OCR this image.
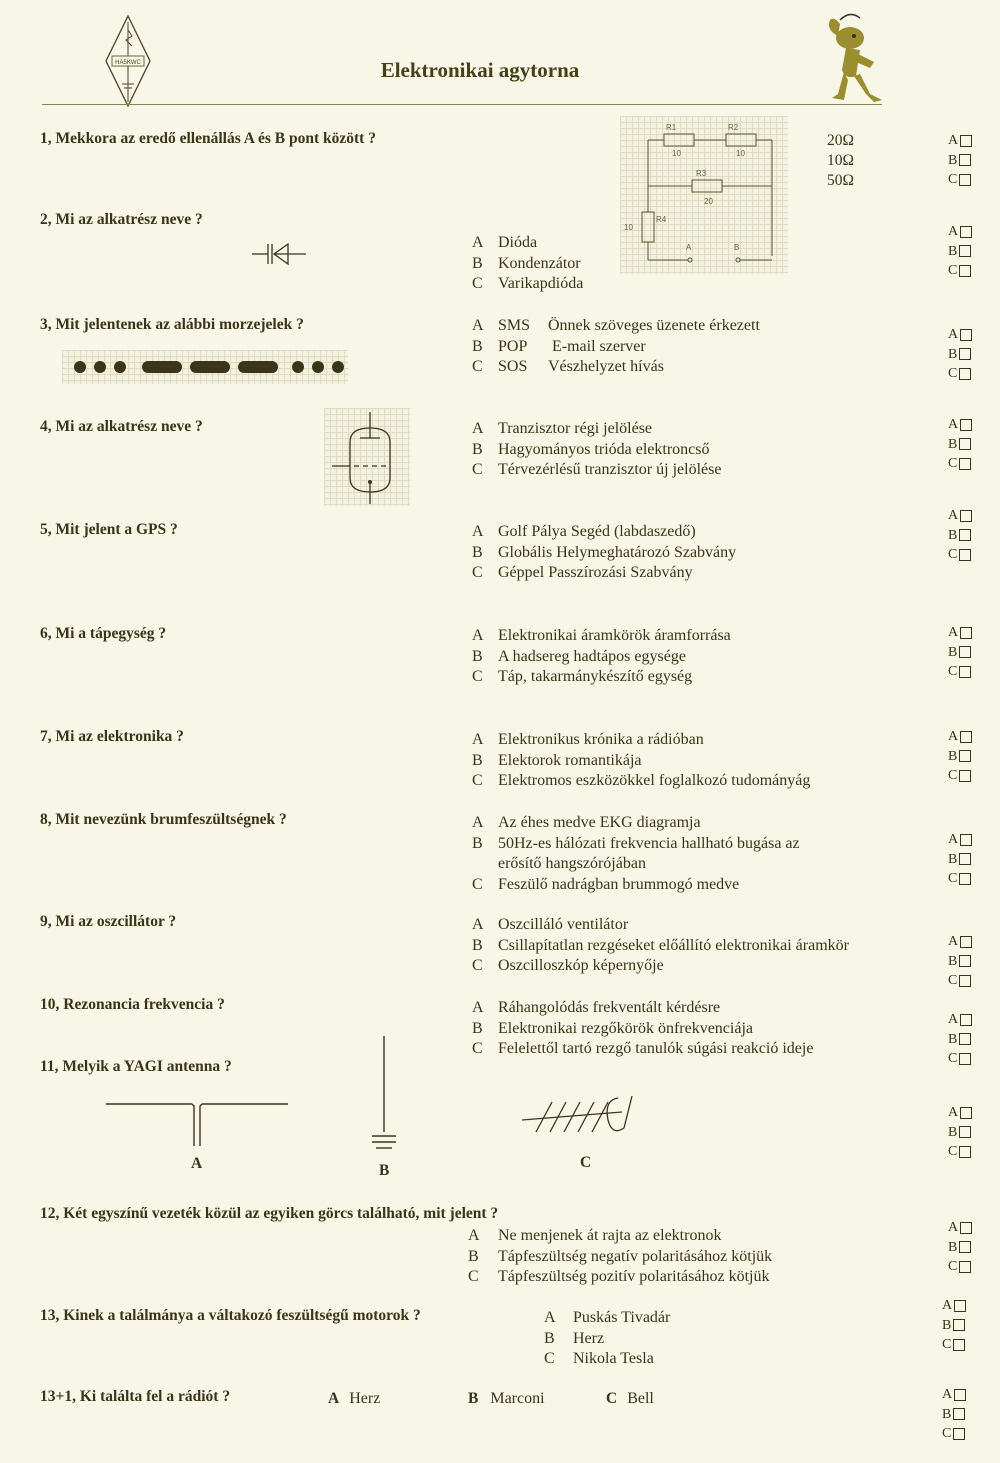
HA5KWC	Elektronikai agytorna
1, Mekkora az eredő ellenállás A és B pont között ?
R1
10
R2
10
R3
20
R4
10
A	B
20Ω
10Ω
50Ω
A
B
C
2, Mi az alkatrész neve ?
A Dióda
B Kondenzátor
C Varikapdióda
A
B
C
3, Mit jelentenek az alábbi morzejelek ?	A SMS Önnek szöveges üzenete érkezett
B POP E-mail szerver
C SOS Vészhelyzet hívás
A
B
C
4, Mi az alkatrész neve ?	A Tranzisztor régi jelölése
B Hagyományos trióda elektroncső
C Térvezérlésű tranzisztor új jelölése
A
B
C
5, Mit jelent a GPS ?	A Golf Pálya Segéd (labdaszedő)
B Globális Helymeghatározó Szabvány
C Géppel Passzírozási Szabvány
A
B
C
6, Mi a tápegység ?	A Elektronikai áramkörök áramforrása
B A hadsereg hadtápos egysége
C Táp, takarmánykészítő egység
A
B
C
7, Mi az elektronika ?	A Elektronikus krónika a rádióban
B Elektorok romantikája
C Elektromos eszközökkel foglalkozó tudományág
A
B
C
8, Mit nevezünk brumfeszültségnek ?	A Az éhes medve EKG diagramja
B 50Hz-es hálózati frekvencia hallható bugása az
erősítő hangszórójában
C Feszülő nadrágban brummogó medve
A
B
C
9, Mi az oszcillátor ?	A Oszcilláló ventilátor
B Csillapítatlan rezgéseket előállító elektronikai áramkör
C Oszcilloszkóp képernyője
A
B
C
10, Rezonancia frekvencia ?	A Ráhangolódás frekventált kérdésre
B Elektronikai rezgőkörök önfrekvenciája
C Felelettől tartó rezgő tanulók súgási reakció ideje
A
B
C
11, Melyik a YAGI antenna ?
A	B	C
A
B
C
12, Két egyszínű vezeték közül az egyiken görcs található, mit jelent ?
A Ne menjenek át rajta az elektronok
B Tápfeszültség negatív polaritásához kötjük
C Tápfeszültség pozitív polaritásához kötjük
A
B
C
13, Kinek a találmánya a váltakozó feszültségű motorok ?	A Puskás Tivadár
B Herz
C Nikola Tesla
A
B
C
13+1, Ki találta fel a rádiót ?	A Herz	B Marconi	C Bell	A
B
C
